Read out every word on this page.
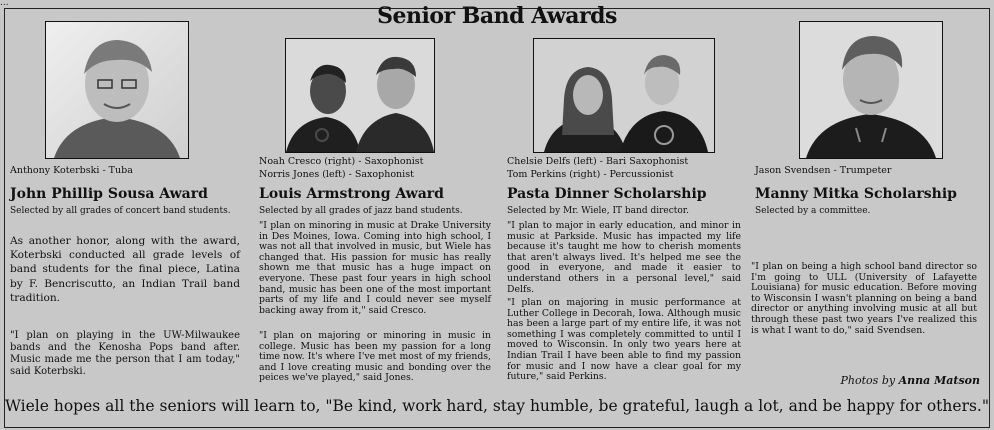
...	Senior Band Awards
Anthony Koterbski - Tuba
John Phillip Sousa Award
Selected by all grades of concert band students.
As another honor, along with the award, Koterbski conducted all grade levels of band students for the final piece, Latina by F. Bencriscutto, an Indian Trail band tradition.
"I plan on playing in the UW-Milwaukee bands and the Kenosha Pops band after. Music made me the person that I am today," said Koterbski.
Noah Cresco (right) - Saxophonist
Norris Jones (left) - Saxophonist
Louis Armstrong Award
Selected by all grades of jazz band students.
"I plan on minoring in music at Drake University in Des Moines, Iowa. Coming into high school, I was not all that involved in music, but Wiele has changed that. His passion for music has really shown me that music has a huge impact on everyone. These past four years in high school band, music has been one of the most important parts of my life and I could never see myself backing away from it," said Cresco.
"I plan on majoring or minoring in music in college. Music has been my passion for a long time now. It's where I've met most of my friends, and I love creating music and bonding over the peices we've played," said Jones.
Chelsie Delfs (left) - Bari Saxophonist
Tom Perkins (right) - Percussionist
Pasta Dinner Scholarship
Selected by Mr. Wiele, IT band director.
"I plan to major in early education, and minor in music at Parkside. Music has impacted my life because it's taught me how to cherish moments that aren't always lived. It's helped me see the good in everyone, and made it easier to understand others in a personal level," said Delfs.
"I plan on majoring in music performance at Luther College in Decorah, Iowa. Although music has been a large part of my entire life, it was not something I was completely committed to until I moved to Wisconsin. In only two years here at Indian Trail I have been able to find my passion for music and I now have a clear goal for my future," said Perkins.
Jason Svendsen - Trumpeter
Manny Mitka Scholarship
Selected by a committee.
"I plan on being a high school band director so I'm going to ULL (University of Lafayette Louisiana) for music education. Before moving to Wisconsin I wasn't planning on being a band director or anything involving music at all but through these past two years I've realized this is what I want to do," said Svendsen.
Photos by Anna Matson
Wiele hopes all the seniors will learn to, "Be kind, work hard, stay humble, be grateful, laugh a lot, and be happy for others."
